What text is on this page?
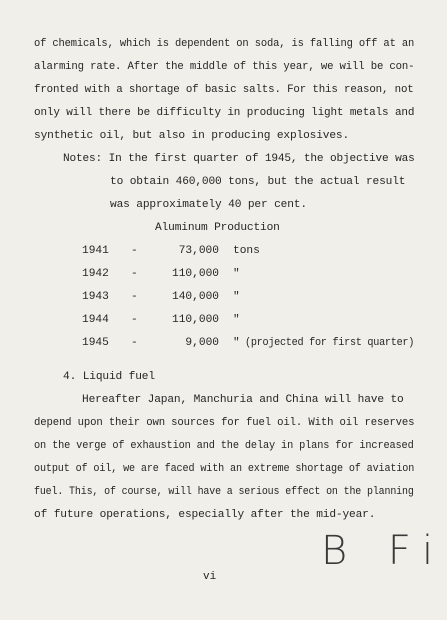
of chemicals, which is dependent on soda, is falling off at an
alarming rate. After the middle of this year, we will be con-
fronted with a shortage of basic salts. For this reason, not
only will there be difficulty in producing light metals and
synthetic oil, but also in producing explosives.
Notes: In the first quarter of 1945, the objective was
to obtain 460,000 tons, but the actual result
was approximately 40 per cent.
Aluminum Production
1941 -	73,000 tons
1942 -	110,000 "
1943 -	140,000 "
1944 -	110,000 "
1945 -	9,000 " (projected for first quarter)
4. Liquid fuel
Hereafter Japan, Manchuria and China will have to
depend upon their own sources for fuel oil. With oil reserves
on the verge of exhaustion and the delay in plans for increased
output of oil, we are faced with an extreme shortage of aviation
fuel. This, of course, will have a serious effect on the planning
of future operations, especially after the mid-year.
B Fi
vi
